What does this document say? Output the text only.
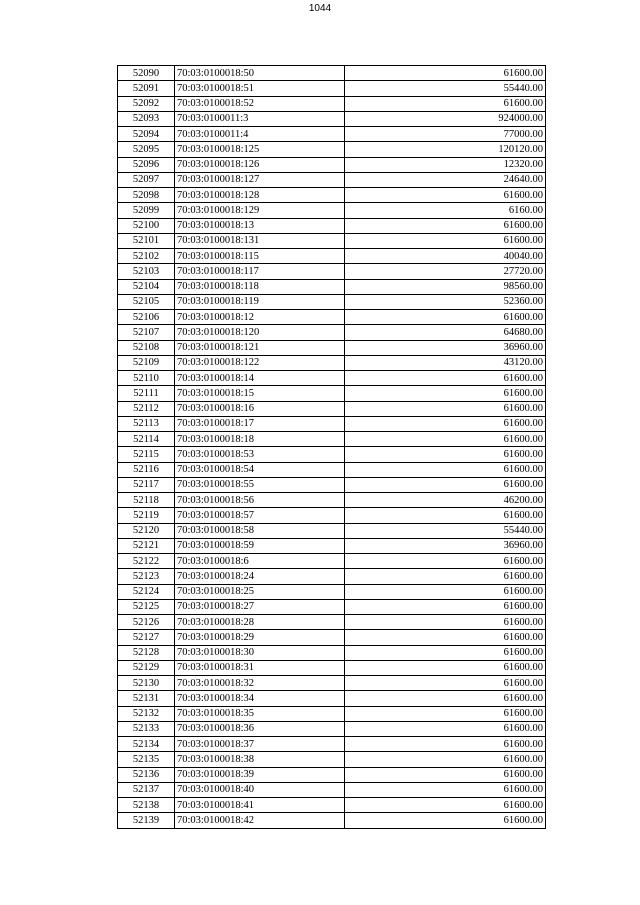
1044
52090	70:03:0100018:50	61600.00
52091	70:03:0100018:51	55440.00
52092	70:03:0100018:52	61600.00
52093	70:03:0100011:3	924000.00
52094	70:03:0100011:4	77000.00
52095	70:03:0100018:125	120120.00
52096	70:03:0100018:126	12320.00
52097	70:03:0100018:127	24640.00
52098	70:03:0100018:128	61600.00
52099	70:03:0100018:129	6160.00
52100	70:03:0100018:13	61600.00
52101	70:03:0100018:131	61600.00
52102	70:03:0100018:115	40040.00
52103	70:03:0100018:117	27720.00
52104	70:03:0100018:118	98560.00
52105	70:03:0100018:119	52360.00
52106	70:03:0100018:12	61600.00
52107	70:03:0100018:120	64680.00
52108	70:03:0100018:121	36960.00
52109	70:03:0100018:122	43120.00
52110	70:03:0100018:14	61600.00
52111	70:03:0100018:15	61600.00
52112	70:03:0100018:16	61600.00
52113	70:03:0100018:17	61600.00
52114	70:03:0100018:18	61600.00
52115	70:03:0100018:53	61600.00
52116	70:03:0100018:54	61600.00
52117	70:03:0100018:55	61600.00
52118	70:03:0100018:56	46200.00
52119	70:03:0100018:57	61600.00
52120	70:03:0100018:58	55440.00
52121	70:03:0100018:59	36960.00
52122	70:03:0100018:6	61600.00
52123	70:03:0100018:24	61600.00
52124	70:03:0100018:25	61600.00
52125	70:03:0100018:27	61600.00
52126	70:03:0100018:28	61600.00
52127	70:03:0100018:29	61600.00
52128	70:03:0100018:30	61600.00
52129	70:03:0100018:31	61600.00
52130	70:03:0100018:32	61600.00
52131	70:03:0100018:34	61600.00
52132	70:03:0100018:35	61600.00
52133	70:03:0100018:36	61600.00
52134	70:03:0100018:37	61600.00
52135	70:03:0100018:38	61600.00
52136	70:03:0100018:39	61600.00
52137	70:03:0100018:40	61600.00
52138	70:03:0100018:41	61600.00
52139	70:03:0100018:42	61600.00
